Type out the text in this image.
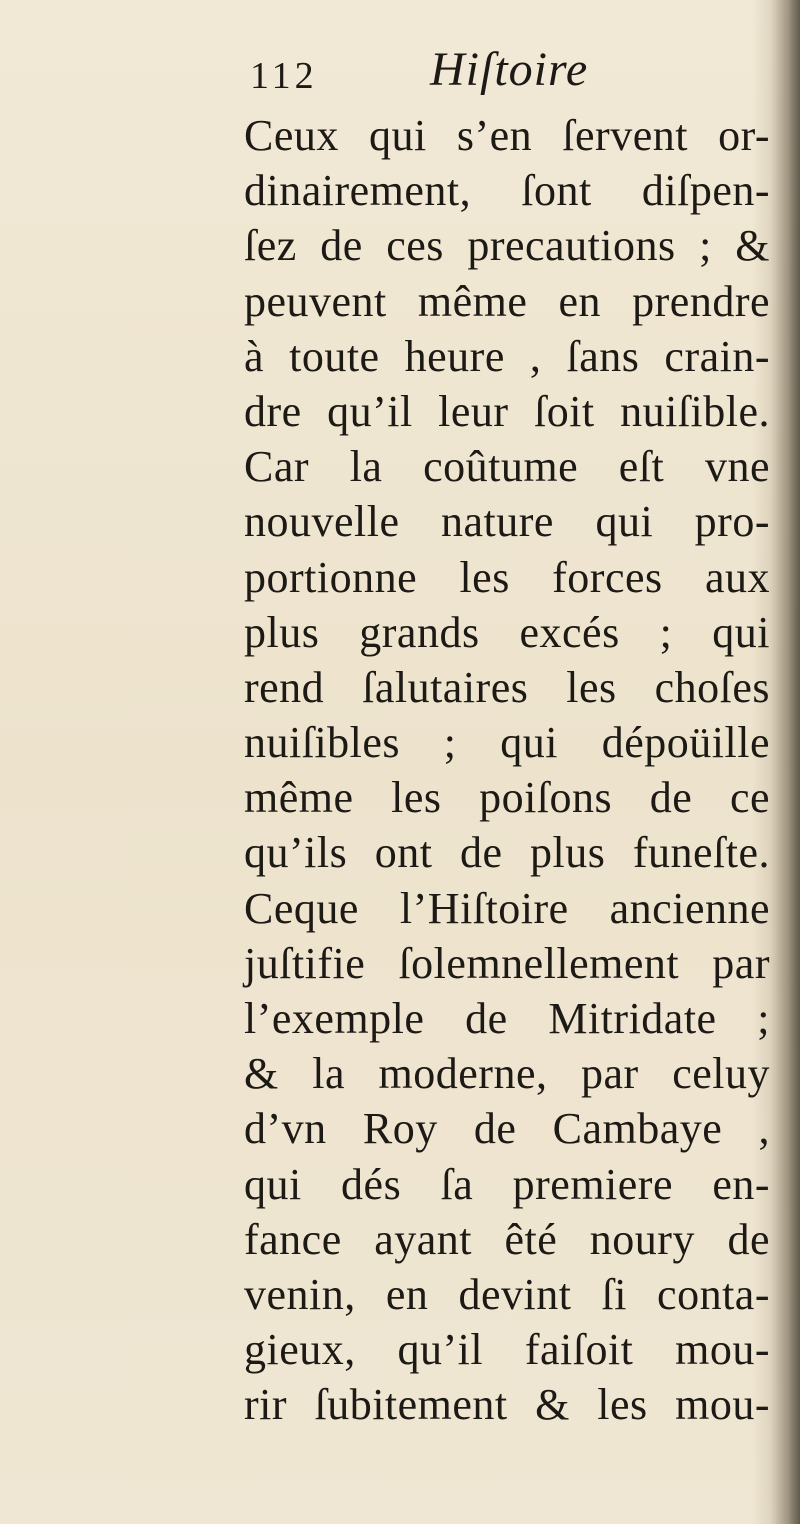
112 Hiſtoire
Ceux qui s’en ſervent or-
dinairement, ſont diſpen-
ſez de ces precautions ; &
peuvent même en prendre
à toute heure , ſans crain-
dre qu’il leur ſoit nuiſible.
Car la coûtume eſt vne
nouvelle nature qui pro-
portionne les forces aux
plus grands excés ; qui
rend ſalutaires les choſes
nuiſibles ; qui dépoüille
même les poiſons de ce
qu’ils ont de plus funeſte.
Ceque l’Hiſtoire ancienne
juſtifie ſolemnellement par
l’exemple de Mitridate ;
& la moderne, par celuy
d’vn Roy de Cambaye ,
qui dés ſa premiere en-
fance ayant êté noury de
venin, en devint ſi conta-
gieux, qu’il faiſoit mou-
rir ſubitement & les mou-
